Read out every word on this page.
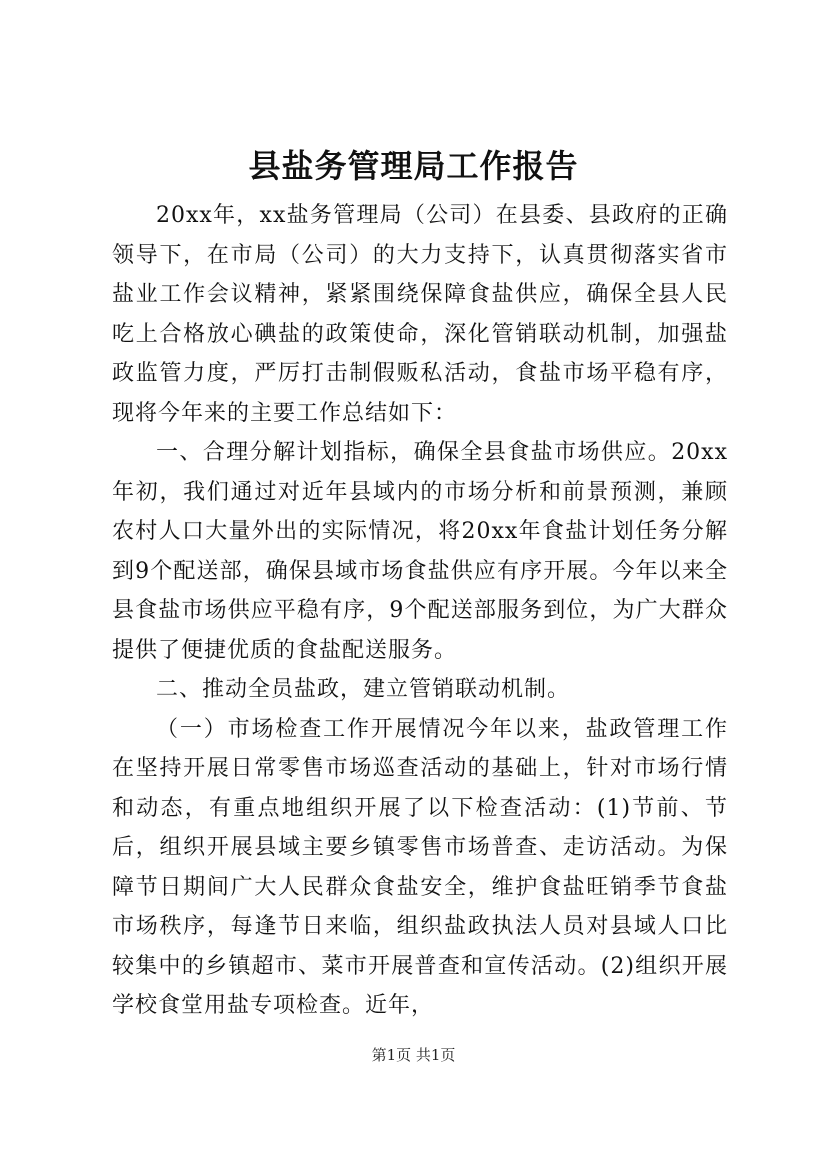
县盐务管理局工作报告

20xx年，xx盐务管理局（公司）在县委、县政府的正确领导下，在市局（公司）的大力支持下，认真贯彻落实省市盐业工作会议精神，紧紧围绕保障食盐供应，确保全县人民吃上合格放心碘盐的政策使命，深化管销联动机制，加强盐政监管力度，严厉打击制假贩私活动，食盐市场平稳有序，现将今年来的主要工作总结如下：

一、合理分解计划指标，确保全县食盐市场供应。20xx年初，我们通过对近年县域内的市场分析和前景预测，兼顾农村人口大量外出的实际情况，将20xx年食盐计划任务分解到9个配送部，确保县域市场食盐供应有序开展。今年以来全县食盐市场供应平稳有序，9个配送部服务到位，为广大群众提供了便捷优质的食盐配送服务。

二、推动全员盐政，建立管销联动机制。

（一）市场检查工作开展情况今年以来，盐政管理工作在坚持开展日常零售市场巡查活动的基础上，针对市场行情和动态，有重点地组织开展了以下检查活动：(1)节前、节后，组织开展县域主要乡镇零售市场普查、走访活动。为保障节日期间广大人民群众食盐安全，维护食盐旺销季节食盐市场秩序，每逢节日来临，组织盐政执法人员对县域人口比较集中的乡镇超市、菜市开展普查和宣传活动。(2)组织开展学校食堂用盐专项检查。近年，

第1页 共1页
